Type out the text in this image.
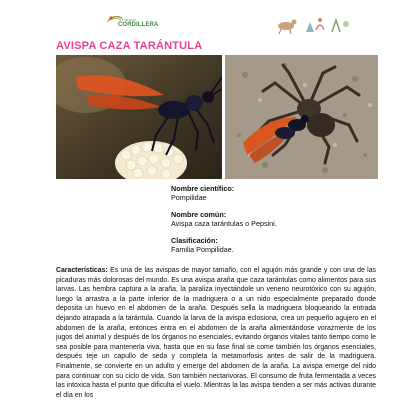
Parque
CORDILLERA
AVISPA CAZA TARÁNTULA
Nombre científico:
Pompilidae
Nombre común:
Avispa caza tarántulas o Pepsini.
Clasificación:
Familia Pompilidae.
Características: Es una de las avispas de mayor tamaño, con el agujón más grande y con una de las picaduras más dolorosas del mundo. Es una avispa araña que caza tarántulas como alimentos para sus larvas. Las hembra captura a la araña, la paraliza inyectándole un veneno neurotóxico con su agujón, luego la arrastra a la parte inferior de la madriguera o a un nido especialmente preparado donde deposita un huevo en el abdomen de la araña. Después sella la madriguera bloqueando la entrada dejando atrapada a la tarántula. Cuando la larva de la avispa eclosiona, crea un pequeño agujero en el abdomen de la araña, entonces entra en el abdomen de la araña alimentándose vorazmente de los jugos del animal y después de los órganos no esenciales, evitando órganos vitales tanto tiempo como le sea posible para mantenerla viva, hasta que en su fase final se come también los órganos esenciales, después teje un capullo de seda y completa la metamorfosis antes de salir de la madriguera. Finalmente, se convierte en un adulto y emerge del abdomen de la araña. La avispa emerge del nido para continuar con su ciclo de vida. Son también nectarivoras. El consumo de fruta fermentada a veces las intoxica hasta el punto que dificulta el vuelo. Mientras la las avispa tienden a ser más activas durante el día en los
